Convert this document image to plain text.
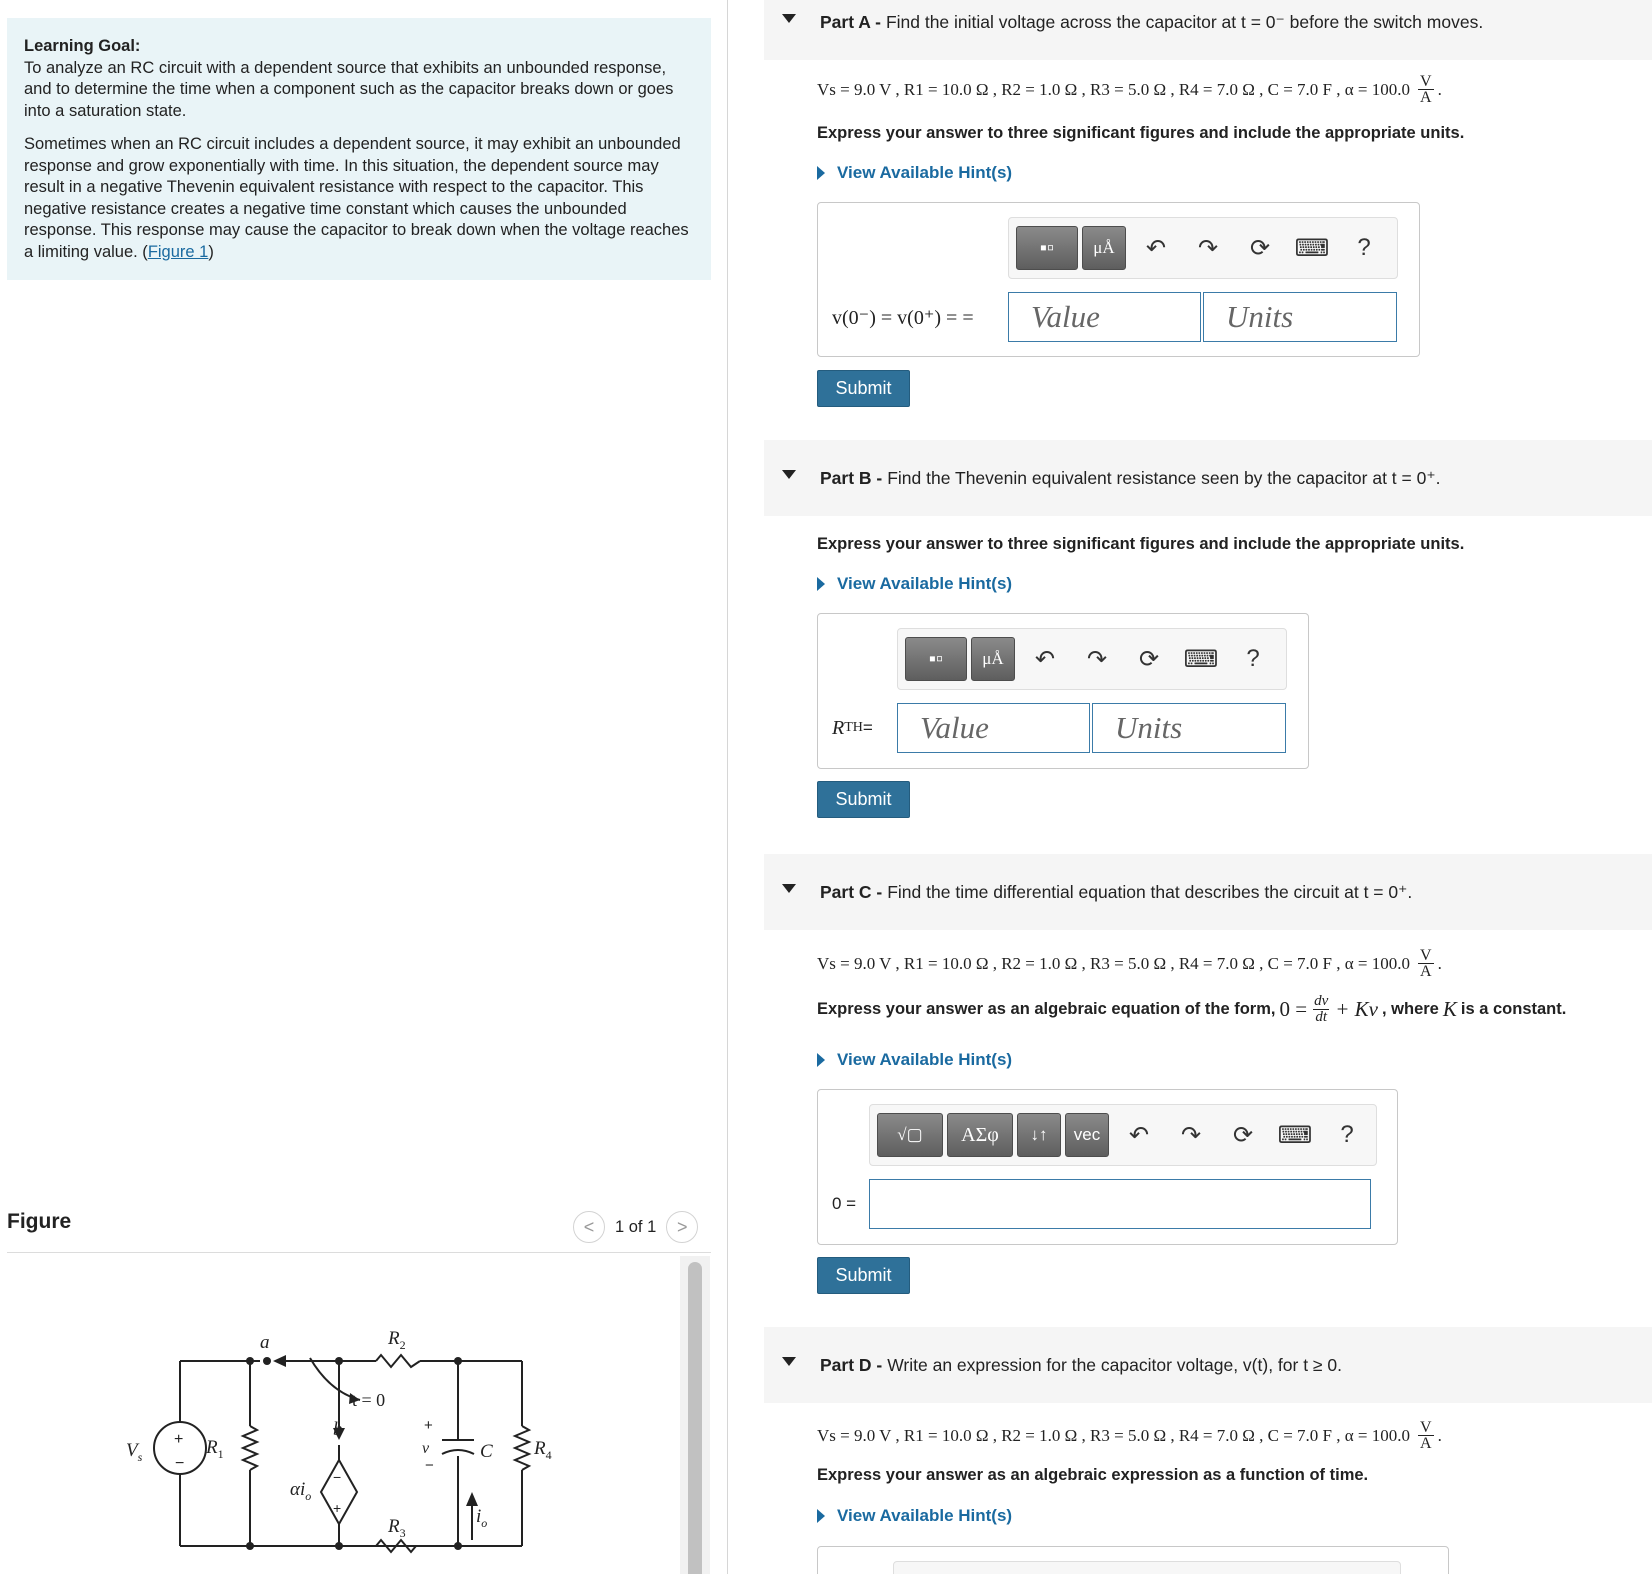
Learning Goal:

To analyze an RC circuit with a dependent source that exhibits an unbounded response, and to determine the time when a component such as the capacitor breaks down or goes into a saturation state.

Sometimes when an RC circuit includes a dependent source, it may exhibit an unbounded response and grow exponentially with time. In this situation, the dependent source may result in a negative Thevenin equivalent resistance with respect to the capacitor. This negative resistance creates a negative time constant which causes the unbounded response. This response may cause the capacitor to break down when the voltage reaches a limiting value. (Figure 1)

Figure	< 1 of 1 >
a
b
$V_s$	$R_1$
$R_2$
$R_3$
$R_4$
C
v
$i_o$
$\alpha i_o$
t = 0
+
−
+
−
−
+
Part A - Find the initial voltage across the capacitor at t = 0⁻ before the switch moves.
Vs = 9.0 V , R1 = 10.0 Ω , R2 = 1.0 Ω , R3 = 5.0 Ω , R4 = 7.0 Ω , C = 7.0 F , $\alpha = 100.0 \frac{V}{A}$ .
Express your answer to three significant figures and include the appropriate units.
View Available Hint(s)
▪▫	μÅ	↶	↷	⟳	⌨	?
v(0⁻) = v(0⁺) = =	Value	Units
Submit
Part B - Find the Thevenin equivalent resistance seen by the capacitor at t = 0⁺.
Express your answer to three significant figures and include the appropriate units.
View Available Hint(s)
▪▫	μÅ	↶	↷	⟳	⌨	?
R TH =	Value	Units
Submit
Part C - Find the time differential equation that describes the circuit at t = 0⁺.
Vs = 9.0 V , R1 = 10.0 Ω , R2 = 1.0 Ω , R3 = 5.0 Ω , R4 = 7.0 Ω , C = 7.0 F , $\alpha = 100.0 \frac{V}{A}$ .
Express your answer as an algebraic equation of the form, $0 = \frac{dv}{dt} + Kv$ , where K is a constant.
View Available Hint(s)
√▢	ΑΣφ	↓↑	vec	↶	↷	⟳	⌨	?
0 =
Submit
Part D - Write an expression for the capacitor voltage, v(t), for t ≥ 0.
Vs = 9.0 V , R1 = 10.0 Ω , R2 = 1.0 Ω , R3 = 5.0 Ω , R4 = 7.0 Ω , C = 7.0 F , $\alpha = 100.0 \frac{V}{A}$ .
Express your answer as an algebraic expression as a function of time.
View Available Hint(s)
